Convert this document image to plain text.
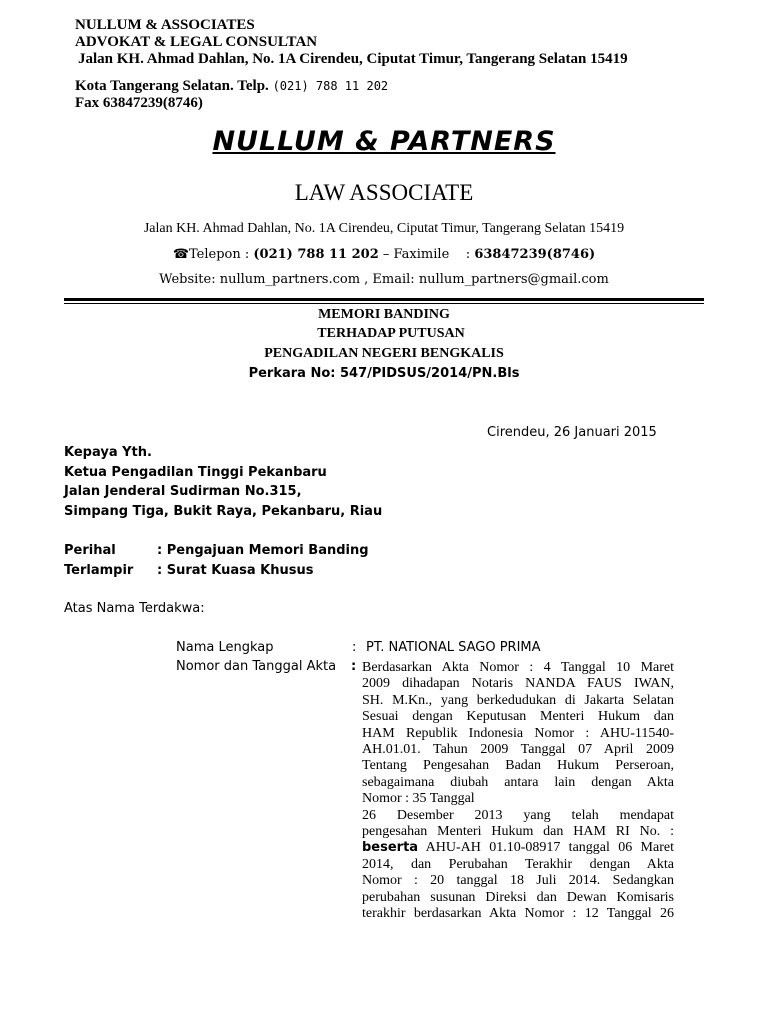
NULLUM & ASSOCIATES
ADVOKAT & LEGAL CONSULTAN
Jalan KH. Ahmad Dahlan, No. 1A Cirendeu, Ciputat Timur, Tangerang Selatan 15419
Kota Tangerang Selatan. Telp. (021) 788 11 202
Fax 63847239(8746)
NULLUM & PARTNERS
LAW ASSOCIATE
Jalan KH. Ahmad Dahlan, No. 1A Cirendeu, Ciputat Timur, Tangerang Selatan 15419
☎Telepon : (021) 788 11 202 – Faximile    : 63847239(8746)
Website: nullum_partners.com , Email: nullum_partners@gmail.com
MEMORI BANDING
TERHADAP PUTUSAN
PENGADILAN NEGERI BENGKALIS
Perkara No: 547/PIDSUS/2014/PN.Bls
Cirendeu, 26 Januari 2015
Kepaya Yth.
Ketua Pengadilan Tinggi Pekanbaru
Jalan Jenderal Sudirman No.315,
Simpang Tiga, Bukit Raya, Pekanbaru, Riau
Perihal	: Pengajuan Memori Banding
Terlampir : Surat Kuasa Khusus
Atas Nama Terdakwa:
Nama Lengkap	: PT. NATIONAL SAGO PRIMA
Nomor dan Tanggal Akta : Berdasarkan Akta Nomor : 4 Tanggal 10 Maret
2009 dihadapan Notaris NANDA FAUS IWAN,
SH. M.Kn., yang berkedudukan di Jakarta Selatan
Sesuai dengan Keputusan Menteri Hukum dan
HAM Republik Indonesia Nomor : AHU-11540-
AH.01.01. Tahun 2009 Tanggal 07 April 2009
Tentang Pengesahan Badan Hukum Perseroan,
sebagaimana diubah antara lain dengan Akta
Nomor : 35 Tanggal
26 Desember 2013 yang telah mendapat
pengesahan Menteri Hukum dan HAM RI No. :
beserta AHU-AH 01.10-08917 tanggal 06 Maret
2014, dan Perubahan Terakhir dengan Akta
Nomor : 20 tanggal 18 Juli 2014. Sedangkan
perubahan susunan Direksi dan Dewan Komisaris
terakhir berdasarkan Akta Nomor : 12 Tanggal 26
